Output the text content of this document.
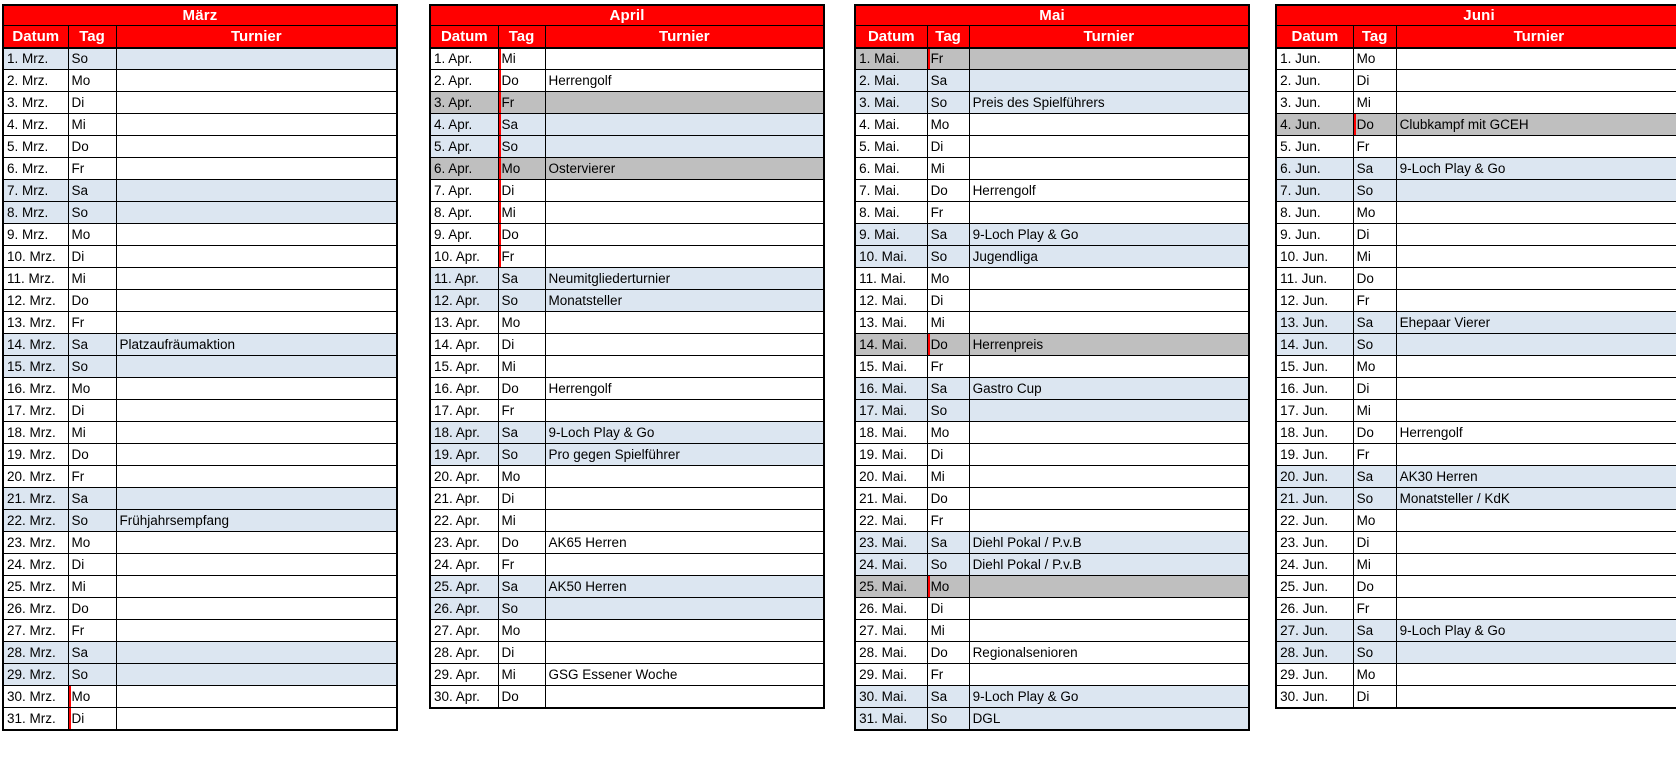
März		
Datum	Tag	Turnier
1. Mrz.	So	
2. Mrz.	Mo	
3. Mrz.	Di	
4. Mrz.	Mi	
5. Mrz.	Do	
6. Mrz.	Fr	
7. Mrz.	Sa	
8. Mrz.	So	
9. Mrz.	Mo	
10. Mrz.	Di	
11. Mrz.	Mi	
12. Mrz.	Do	
13. Mrz.	Fr	
14. Mrz.	Sa	Platzaufräumaktion
15. Mrz.	So	
16. Mrz.	Mo	
17. Mrz.	Di	
18. Mrz.	Mi	
19. Mrz.	Do	
20. Mrz.	Fr	
21. Mrz.	Sa	
22. Mrz.	So	Frühjahrsempfang
23. Mrz.	Mo	
24. Mrz.	Di	
25. Mrz.	Mi	
26. Mrz.	Do	
27. Mrz.	Fr	
28. Mrz.	Sa	
29. Mrz.	So	
30. Mrz.	Mo	
31. Mrz.	Di	
April		
Datum	Tag	Turnier
1. Apr.	Mi	
2. Apr.	Do	Herrengolf
3. Apr.	Fr	
4. Apr.	Sa	
5. Apr.	So	
6. Apr.	Mo	Ostervierer
7. Apr.	Di	
8. Apr.	Mi	
9. Apr.	Do	
10. Apr.	Fr	
11. Apr.	Sa	Neumitgliederturnier
12. Apr.	So	Monatsteller
13. Apr.	Mo	
14. Apr.	Di	
15. Apr.	Mi	
16. Apr.	Do	Herrengolf
17. Apr.	Fr	
18. Apr.	Sa	9-Loch Play & Go
19. Apr.	So	Pro gegen Spielführer
20. Apr.	Mo	
21. Apr.	Di	
22. Apr.	Mi	
23. Apr.	Do	AK65 Herren
24. Apr.	Fr	
25. Apr.	Sa	AK50 Herren
26. Apr.	So	
27. Apr.	Mo	
28. Apr.	Di	
29. Apr.	Mi	GSG Essener Woche
30. Apr.	Do	
Mai		
Datum	Tag	Turnier
1. Mai.	Fr	
2. Mai.	Sa	
3. Mai.	So	Preis des Spielführers
4. Mai.	Mo	
5. Mai.	Di	
6. Mai.	Mi	
7. Mai.	Do	Herrengolf
8. Mai.	Fr	
9. Mai.	Sa	9-Loch Play & Go
10. Mai.	So	Jugendliga
11. Mai.	Mo	
12. Mai.	Di	
13. Mai.	Mi	
14. Mai.	Do	Herrenpreis
15. Mai.	Fr	
16. Mai.	Sa	Gastro Cup
17. Mai.	So	
18. Mai.	Mo	
19. Mai.	Di	
20. Mai.	Mi	
21. Mai.	Do	
22. Mai.	Fr	
23. Mai.	Sa	Diehl Pokal / P.v.B
24. Mai.	So	Diehl Pokal / P.v.B
25. Mai.	Mo	
26. Mai.	Di	
27. Mai.	Mi	
28. Mai.	Do	Regionalsenioren
29. Mai.	Fr	
30. Mai.	Sa	9-Loch Play & Go
31. Mai.	So	DGL
Juni		
Datum	Tag	Turnier
1. Jun.	Mo	
2. Jun.	Di	
3. Jun.	Mi	
4. Jun.	Do	Clubkampf mit GCEH
5. Jun.	Fr	
6. Jun.	Sa	9-Loch Play & Go
7. Jun.	So	
8. Jun.	Mo	
9. Jun.	Di	
10. Jun.	Mi	
11. Jun.	Do	
12. Jun.	Fr	
13. Jun.	Sa	Ehepaar Vierer
14. Jun.	So	
15. Jun.	Mo	
16. Jun.	Di	
17. Jun.	Mi	
18. Jun.	Do	Herrengolf
19. Jun.	Fr	
20. Jun.	Sa	AK30 Herren
21. Jun.	So	Monatsteller / KdK
22. Jun.	Mo	
23. Jun.	Di	
24. Jun.	Mi	
25. Jun.	Do	
26. Jun.	Fr	
27. Jun.	Sa	9-Loch Play & Go
28. Jun.	So	
29. Jun.	Mo	
30. Jun.	Di	
